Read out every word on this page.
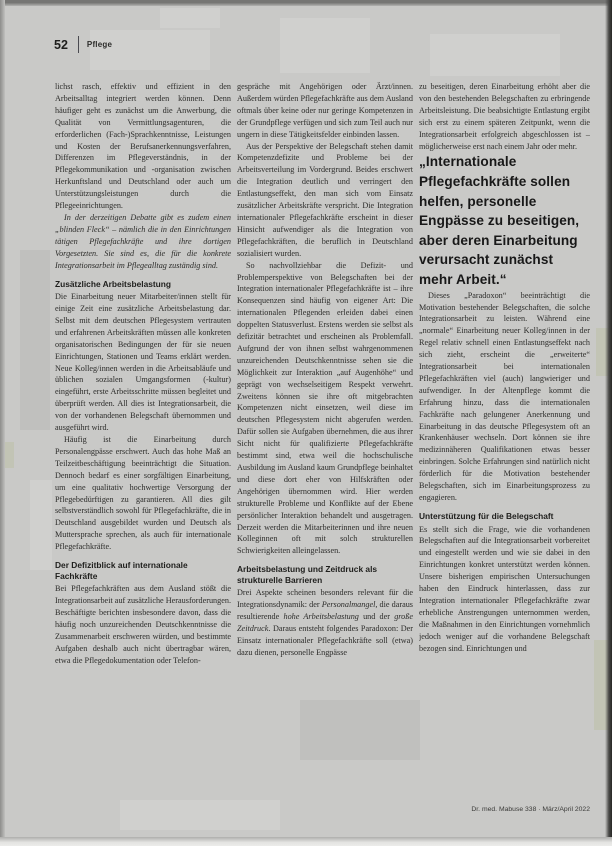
52 Pflege

lichst rasch, effektiv und effizient in den Arbeitsalltag integriert werden können. Denn häufiger geht es zunächst um die Anwerbung, die Qualität von Vermittlungsagenturen, die erforderlichen (Fach-)Sprachkenntnisse, Leistungen und Kosten der Berufsanerkennungsverfahren, Differenzen im Pflegeverständnis, in der Pflegekommunikation und -organisation zwischen Herkunftsland und Deutschland oder auch um Unterstützungsleistungen durch die Pflegeeinrichtungen.

In der derzeitigen Debatte gibt es zudem einen „blinden Fleck“ – nämlich die in den Einrichtungen tätigen Pflegefachkräfte und ihre dortigen Vorgesetzten. Sie sind es, die für die konkrete Integrationsarbeit im Pflegealltag zuständig sind.

Zusätzliche Arbeitsbelastung

Die Einarbeitung neuer Mitarbeiter/innen stellt für einige Zeit eine zusätzliche Arbeitsbelastung dar. Selbst mit dem deutschen Pflegesystem vertrauten und erfahrenen Arbeitskräften müssen alle konkreten organisatorischen Bedingungen der für sie neuen Einrichtungen, Stationen und Teams erklärt werden. Neue Kolleg/innen werden in die Arbeitsabläufe und üblichen sozialen Umgangsformen (-kultur) eingeführt, erste Arbeitsschritte müssen begleitet und überprüft werden. All dies ist Integrationsarbeit, die von der vorhandenen Belegschaft übernommen und ausgeführt wird.

Häufig ist die Einarbeitung durch Personalengpässe erschwert. Auch das hohe Maß an Teilzeitbeschäftigung beeinträchtigt die Situation. Dennoch bedarf es einer sorgfältigen Einarbeitung, um eine qualitativ hochwertige Versorgung der Pflegebedürftigen zu garantieren. All dies gilt selbstverständlich sowohl für Pflegefachkräfte, die in Deutschland ausgebildet wurden und Deutsch als Muttersprache sprechen, als auch für internationale Pflegefachkräfte.

Der Defizitblick auf internationale Fachkräfte

Bei Pflegefachkräften aus dem Ausland stößt die Integrationsarbeit auf zusätzliche Herausforderungen. Beschäftigte berichten insbesondere davon, dass die häufig noch unzureichenden Deutschkenntnisse die Zusammenarbeit erschweren würden, und bestimmte Aufgaben deshalb auch nicht übertragbar wären, etwa die Pflegedokumentation oder Telefon-

gespräche mit Angehörigen oder Ärzt/innen. Außerdem würden Pflegefachkräfte aus dem Ausland oftmals über keine oder nur geringe Kompetenzen in der Grundpflege verfügen und sich zum Teil auch nur ungern in diese Tätigkeitsfelder einbinden lassen.

Aus der Perspektive der Belegschaft stehen damit Kompetenzdefizite und Probleme bei der Arbeitsverteilung im Vordergrund. Beides erschwert die Integration deutlich und verringert den Entlastungseffekt, den man sich vom Einsatz zusätzlicher Arbeitskräfte verspricht. Die Integration internationaler Pflegefachkräfte erscheint in dieser Hinsicht aufwendiger als die Integration von Pflegefachkräften, die beruflich in Deutschland sozialisiert wurden.

So nachvollziehbar die Defizit- und Problemperspektive von Belegschaften bei der Integration internationaler Pflegefachkräfte ist – ihre Konsequenzen sind häufig von eigener Art: Die internationalen Pflegenden erleiden dabei einen doppelten Statusverlust. Erstens werden sie selbst als defizitär betrachtet und erscheinen als Problemfall. Aufgrund der von ihnen selbst wahrgenommenen unzureichenden Deutschkenntnisse sehen sie die Möglichkeit zur Interaktion „auf Augenhöhe“ und geprägt von wechselseitigem Respekt verwehrt. Zweitens können sie ihre oft mitgebrachten Kompetenzen nicht einsetzen, weil diese im deutschen Pflegesystem nicht abgerufen werden. Dafür sollen sie Aufgaben übernehmen, die aus ihrer Sicht nicht für qualifizierte Pflegefachkräfte bestimmt sind, etwa weil die hochschulische Ausbildung im Ausland kaum Grundpflege beinhaltet und diese dort eher von Hilfskräften oder Angehörigen übernommen wird. Hier werden strukturelle Probleme und Konflikte auf der Ebene persönlicher Interaktion behandelt und ausgetragen. Derzeit werden die Mitarbeiterinnen und ihre neuen Kolleginnen oft mit solch strukturellen Schwierigkeiten alleingelassen.

Arbeitsbelastung und Zeitdruck als strukturelle Barrieren

Drei Aspekte scheinen besonders relevant für die Integrationsdynamik: der Personalmangel, die daraus resultierende hohe Arbeitsbelastung und der große Zeitdruck. Daraus entsteht folgendes Paradoxon: Der Einsatz internationaler Pflegefachkräfte soll (etwa) dazu dienen, personelle Engpässe

zu beseitigen, deren Einarbeitung erhöht aber die von den bestehenden Belegschaften zu erbringende Arbeitsleistung. Die beabsichtigte Entlastung ergibt sich erst zu einem späteren Zeitpunkt, wenn die Integrationsarbeit erfolgreich abgeschlossen ist – möglicherweise erst nach einem Jahr oder mehr.

„Internationale Pflegefachkräfte sollen helfen, personelle Engpässe zu beseitigen, aber deren Einarbeitung verursacht zunächst mehr Arbeit.“

Dieses „Paradoxon“ beeinträchtigt die Motivation bestehender Belegschaften, die solche Integrationsarbeit zu leisten. Während eine „normale“ Einarbeitung neuer Kolleg/innen in der Regel relativ schnell einen Entlastungseffekt nach sich zieht, erscheint die „erweiterte“ Integrationsarbeit bei internationalen Pflegefachkräften viel (auch) langwieriger und aufwendiger. In der Altenpflege kommt die Erfahrung hinzu, dass die internationalen Fachkräfte nach gelungener Anerkennung und Einarbeitung in das deutsche Pflegesystem oft an Krankenhäuser wechseln. Dort können sie ihre medizinnäheren Qualifikationen etwas besser einbringen. Solche Erfahrungen sind natürlich nicht förderlich für die Motivation bestehender Belegschaften, sich im Einarbeitungsprozess zu engagieren.

Unterstützung für die Belegschaft

Es stellt sich die Frage, wie die vorhandenen Belegschaften auf die Integrationsarbeit vorbereitet und eingestellt werden und wie sie dabei in den Einrichtungen konkret unterstützt werden können. Unsere bisherigen empirischen Untersuchungen haben den Eindruck hinterlassen, dass zur Integration internationaler Pflegefachkräfte zwar erhebliche Anstrengungen unternommen werden, die Maßnahmen in den Einrichtungen vornehmlich jedoch weniger auf die vorhandene Belegschaft bezogen sind. Einrichtungen und

Dr. med. Mabuse 338 · März/April 2022
